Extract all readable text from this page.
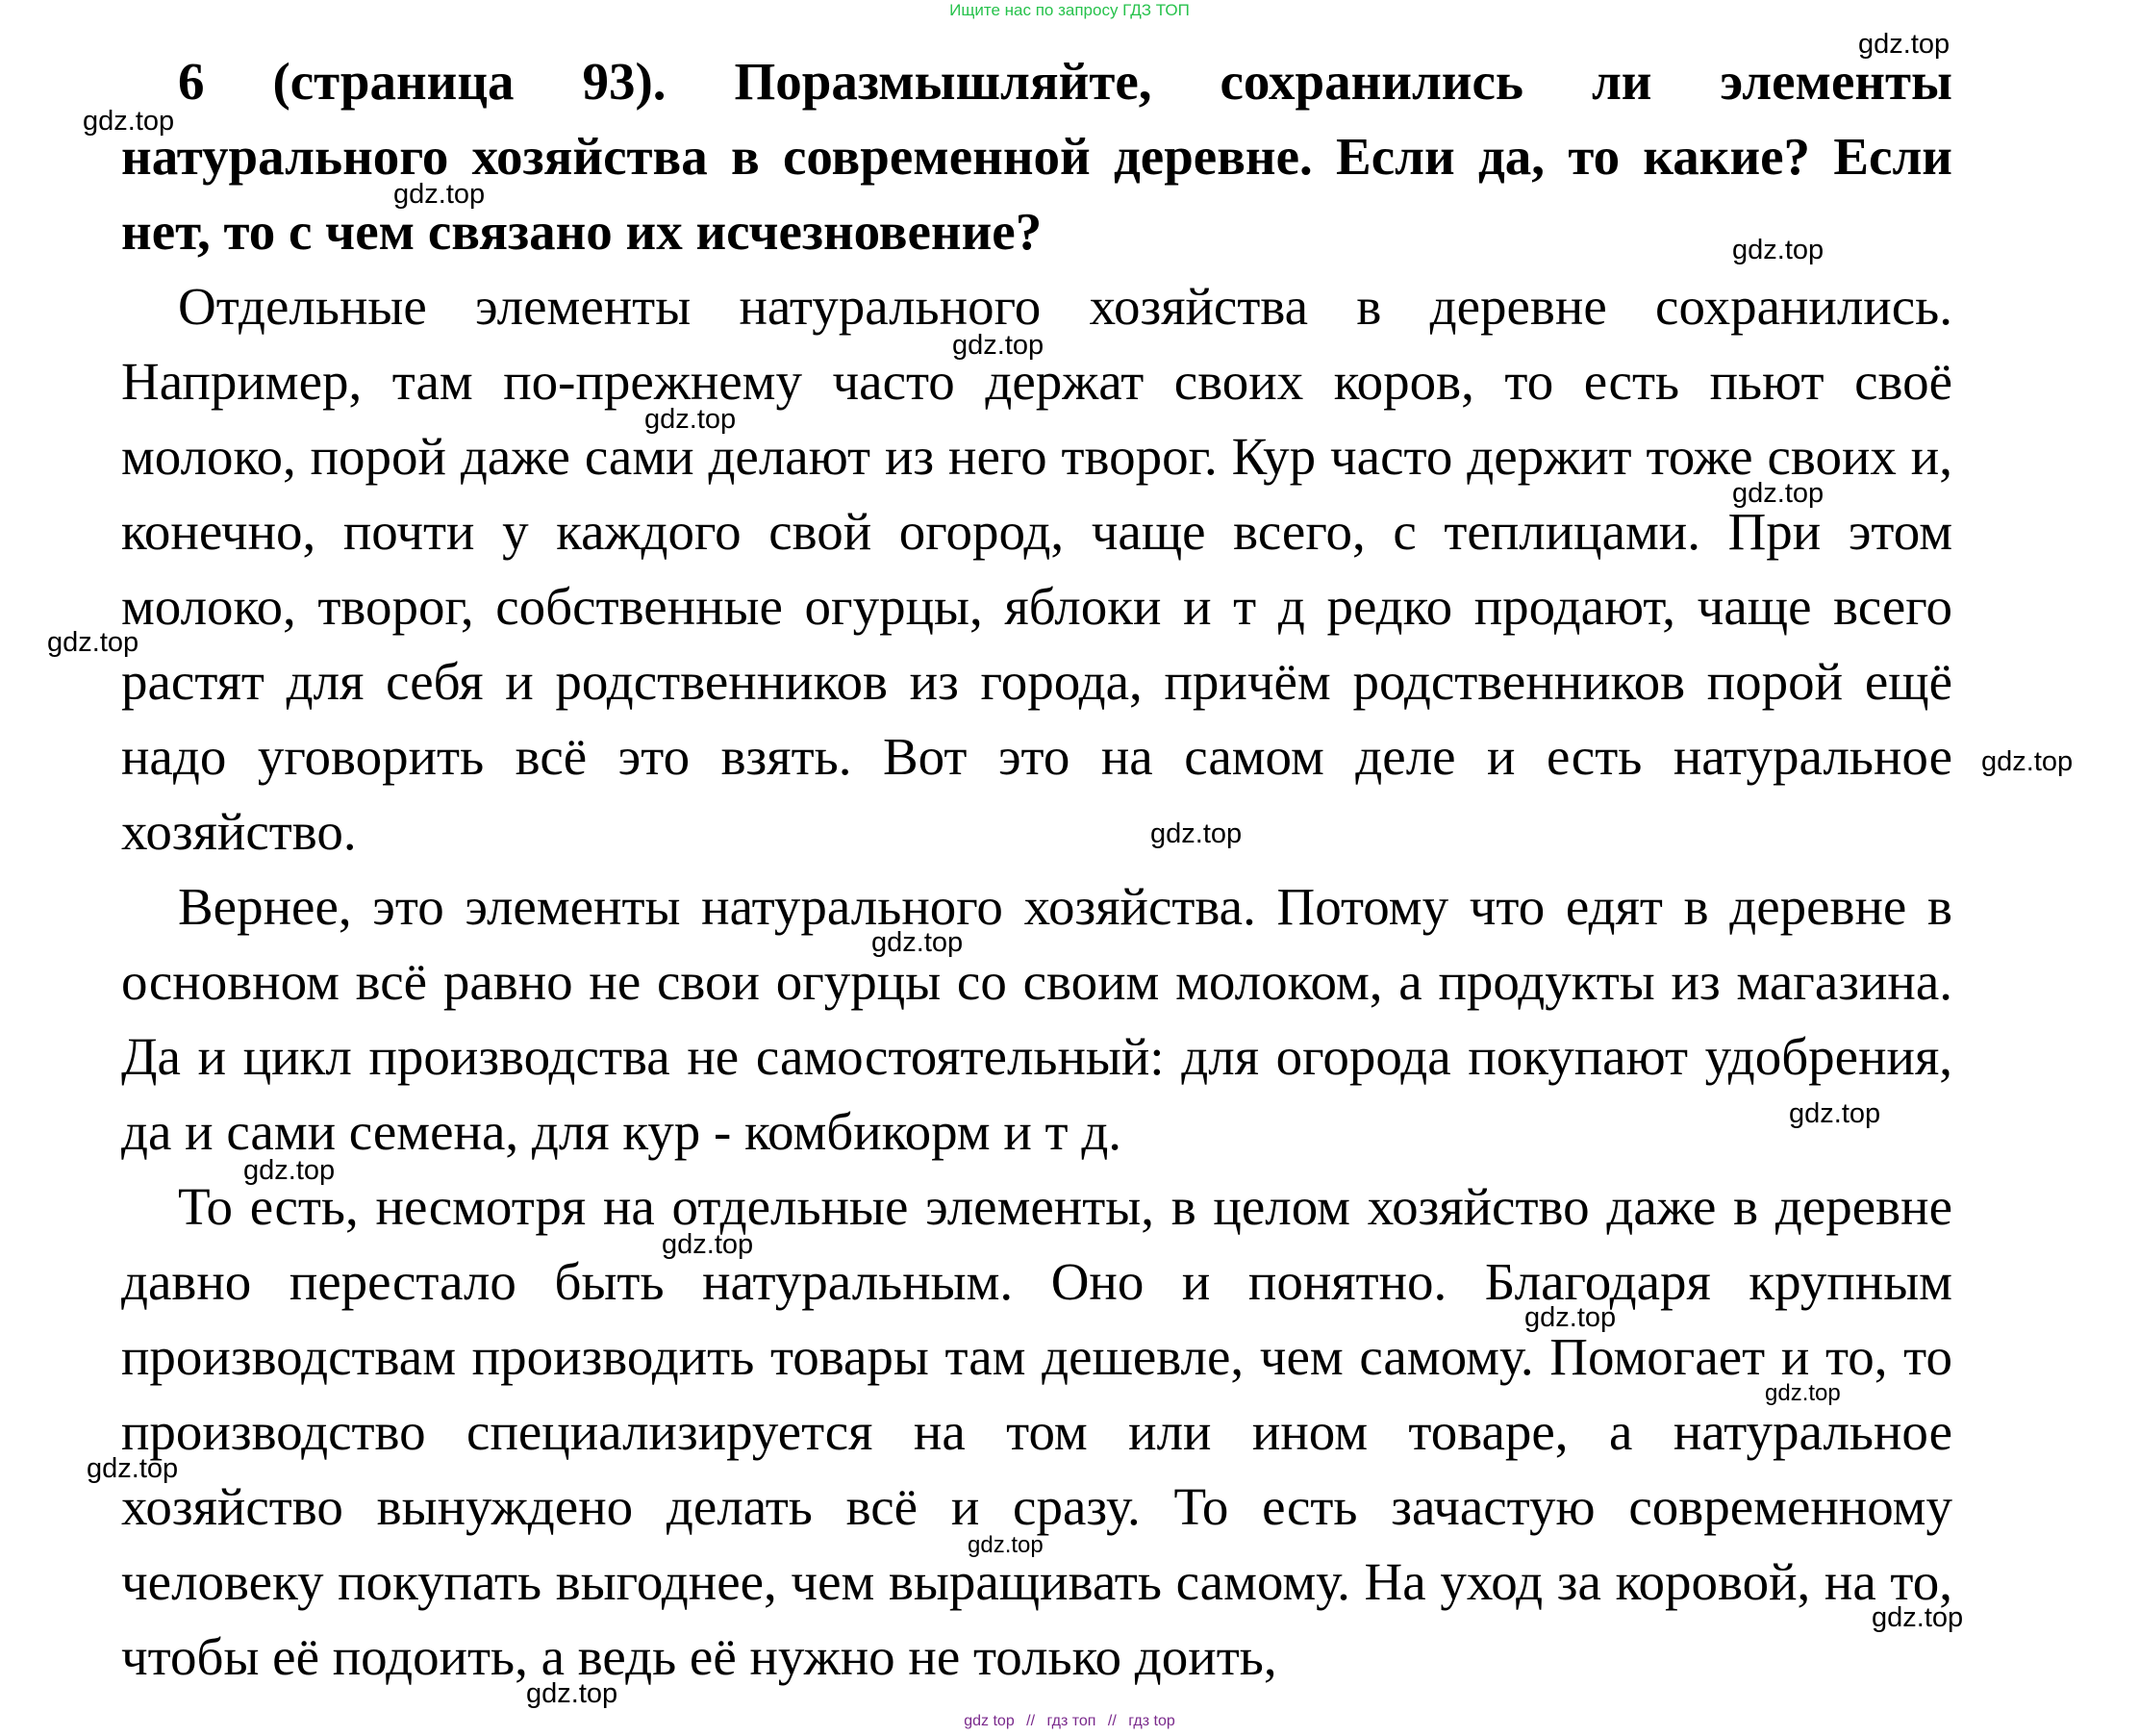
Ищите нас по запросу ГДЗ ТОП

6 (страница 93). Поразмышляйте, сохранились ли элементы натурального хозяйства в современной деревне. Если да, то какие? Если нет, то с чем связано их исчезновение?

Отдельные элементы натурального хозяйства в деревне сохранились. Например, там по-прежнему часто держат своих коров, то есть пьют своё молоко, порой даже сами делают из него творог. Кур часто держит тоже своих и, конечно, почти у каждого свой огород, чаще всего, с теплицами. При этом молоко, творог, собственные огурцы, яблоки и т д редко продают, чаще всего растят для себя и родственников из города, причём родственников порой ещё надо уговорить всё это взять. Вот это на самом деле и есть натуральное хозяйство.

Вернее, это элементы натурального хозяйства. Потому что едят в деревне в основном всё равно не свои огурцы со своим молоком, а продукты из магазина. Да и цикл производства не самостоятельный: для огорода покупают удобрения, да и сами семена, для кур - комбикорм и т д.

То есть, несмотря на отдельные элементы, в целом хозяйство даже в деревне давно перестало быть натуральным. Оно и понятно. Благодаря крупным производствам производить товары там дешевле, чем самому. Помогает и то, то производство специализируется на том или ином товаре, а натуральное хозяйство вынуждено делать всё и сразу. То есть зачастую современному человеку покупать выгоднее, чем выращивать самому. На уход за коровой, на то, чтобы её подоить, а ведь её нужно не только доить,

gdz.top
gdz.top
gdz.top
gdz.top
gdz.top
gdz.top
gdz.top
gdz.top
gdz.top
gdz.top
gdz.top
gdz.top
gdz.top
gdz.top
gdz.top
gdz.top
gdz.top
gdz.top
gdz.top
gdz.top
gdz top // гдз топ // гдз top
